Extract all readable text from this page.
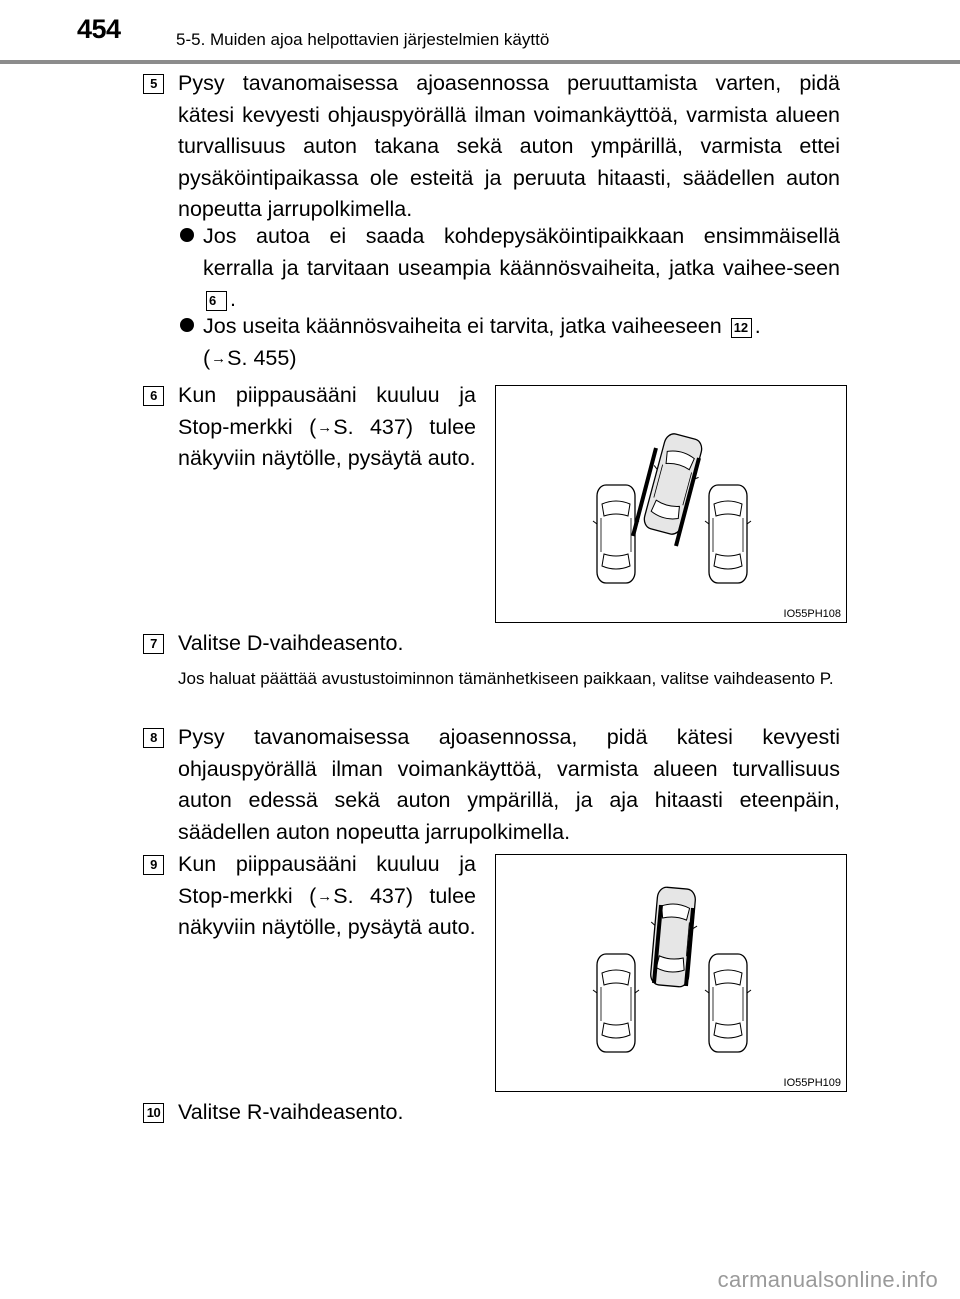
454	5-5. Muiden ajoa helpottavien järjestelmien käyttö
5 Pysy tavanomaisessa ajoasennossa peruuttamista varten, pidä kätesi kevyesti ohjauspyörällä ilman voimankäyttöä, varmista alueen turvallisuus auton takana sekä auton ympärillä, varmista ettei pysäköintipaikassa ole esteitä ja peruuta hitaasti, säädellen auton nopeutta jarrupolkimella.
Jos autoa ei saada kohdepysäköintipaikkaan ensimmäisellä kerralla ja tarvitaan useampia käännösvaiheita, jatka vaihee-seen 6 .
Jos useita käännösvaiheita ei tarvita, jatka vaiheeseen 12 .
(→S. 455)
6 Kun piippausääni kuuluu ja Stop-merkki (→S. 437) tulee näkyviin näytölle, pysäytä auto.
IO55PH108
7 Valitse D-vaihdeasento.
Jos haluat päättää avustustoiminnon tämänhetkiseen paikkaan, valitse vaihdeasento P.
8 Pysy tavanomaisessa ajoasennossa, pidä kätesi kevyesti ohjauspyörällä ilman voimankäyttöä, varmista alueen turvallisuus auton edessä sekä auton ympärillä, ja aja hitaasti eteenpäin, säädellen auton nopeutta jarrupolkimella.
9 Kun piippausääni kuuluu ja Stop-merkki (→S. 437) tulee näkyviin näytölle, pysäytä auto.
IO55PH109
10 Valitse R-vaihdeasento.
carmanualsonline.info
